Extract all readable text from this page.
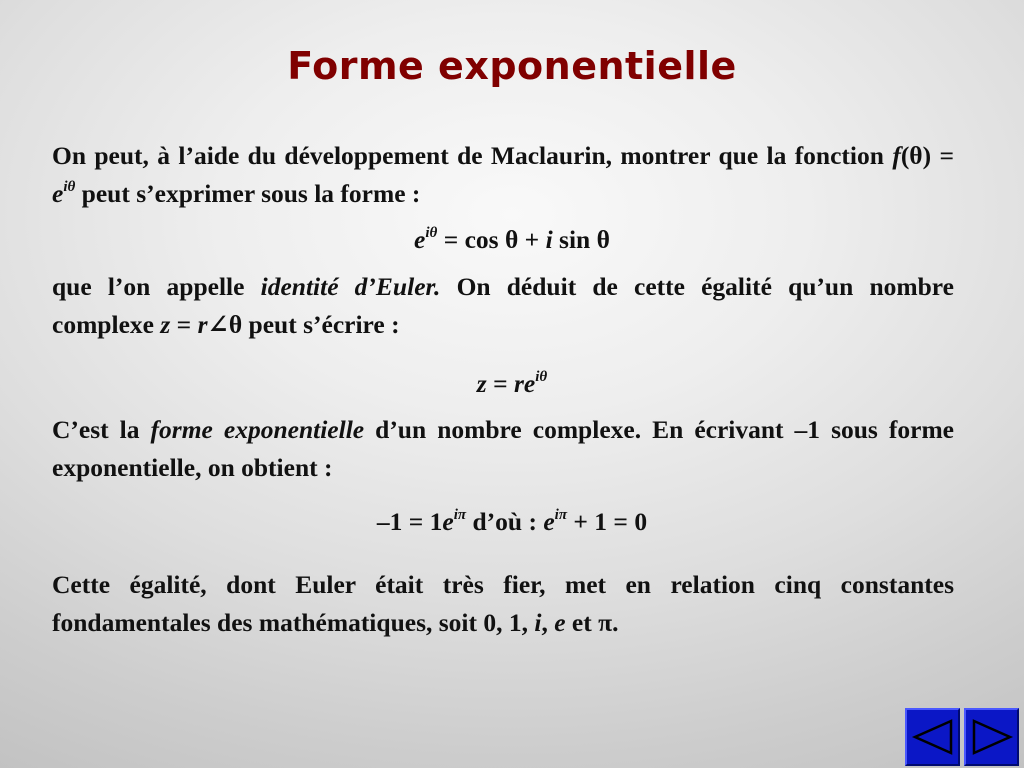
Forme exponentielle
On peut, à l’aide du développement de Maclaurin, montrer que la fonction $f(\theta) = e^{i\theta}$ peut s’exprimer sous la forme :
$e^{i\theta} = \cos \theta + i$ sin θ
que l’on appelle identité d’Euler. On déduit de cette égalité qu’un nombre complexe z = r∠θ peut s’écrire :
$z = re^{i\theta}$
C’est la forme exponentielle d’un nombre complexe. En écrivant –1 sous forme exponentielle, on obtient :
$-1 = 1e^{i\pi}$ d’où : $e^{i\pi} + 1 = 0$
Cette égalité, dont Euler était très fier, met en relation cinq constantes fondamentales des mathématiques, soit 0, 1, i, e et π.
